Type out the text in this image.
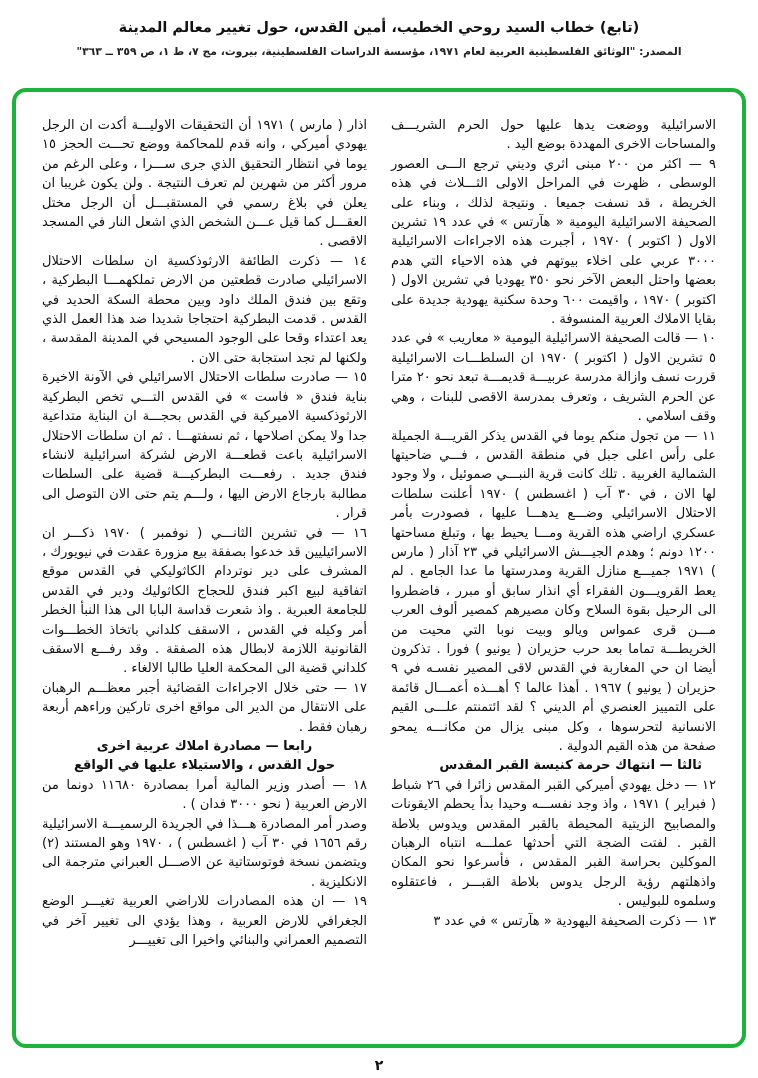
(تابع) خطاب السيد روحي الخطيب، أمين القدس، حول تغيير معالم المدينة
المصدر: "الوثائق الفلسطينية العربية لعام ١٩٧١، مؤسسة الدراسات الفلسطينية، بيروت، مج ٧، ط ١، ص ٣٥٩ ــ ٣٦٣"

الاسرائيلية ووضعت يدها عليها حول الحرم الشريـــف والمساحات الاخرى المهددة بوضع اليد .

٩ — اكثر من ٢٠٠ مبنى اثري وديني ترجع الـــى العصور الوسطى ، ظهرت في المراحل الاولى الثـــلاث في هذه الخريطة ، قد نسفت جميعا . ونتيجة لذلك ، وبناء على الصحيفة الاسرائيلية اليومية « هآرتس » في عدد ١٩ تشرين الاول ( اكتوبر ) ١٩٧٠ ، أجبرت هذه الاجراءات الاسرائيلية ٣٠٠٠ عربي على اخلاء بيوتهم في هذه الاحياء التي هدم بعضها واحتل البعض الآخر نحو ٣٥٠ يهوديا في تشرين الاول ( اكتوبر ) ١٩٧٠ ، واقيمت ٦٠٠ وحدة سكنية يهودية جديدة على بقايا الاملاك العربية المنسوفة .

١٠ — قالت الصحيفة الاسرائيلية اليومية « معاريب » في عدد ٥ تشرين الاول ( اكتوبر ) ١٩٧٠ ان السلطـــات الاسرائيلية قررت نسف وازالة مدرسة عربيـــة قديمـــة تبعد نحو ٢٠ مترا عن الحرم الشريف ، وتعرف بمدرسة الاقصى للبنات ، وهي وقف اسلامي .

١١ — من تجول منكم يوما في القدس يذكر القريـــة الجميلة على رأس اعلى جبل في منطقة القدس ، فـــي ضاحيتها الشمالية الغربية . تلك كانت قرية النبـــي صموئيل ، ولا وجود لها الان ، في ٣٠ آب ( اغسطس ) ١٩٧٠ أعلنت سلطات الاحتلال الاسرائيلي وضـــع يدهـــا عليها ، فصودرت بأمر عسكري اراضي هذه القرية ومـــا يحيط بها ، وتبلغ مساحتها ١٢٠٠ دونم ؛ وهدم الجيـــش الاسرائيلي في ٢٣ آذار ( مارس ) ١٩٧١ جميـــع منازل القرية ومدرستها ما عدا الجامع . لم يعط القرويـــون الفقراء أي انذار سابق أو مبرر ، فاضطروا الى الرحيل بقوة السلاح وكان مصيرهم كمصير ألوف العرب مـــن قرى عمواس ويالو وبيت نوبا التي محيت من الخريطـــة تماما بعد حرب حزيران ( يونيو ) فورا . تذكرون أيضا ان حي المغاربة في القدس لاقى المصير نفسـه في ٩ حزيران ( يونيو ) ١٩٦٧ . أهذا عالما ؟ أهـــذه أعمـــال قائمة على التمييز العنصري أم الديني ؟ لقد ائتمنتم علـــى القيم الانسانية لتحرسوها ، وكل مبنى يزال من مكانـــه يمحو صفحة من هذه القيم الدولية .

ثالثا — انتهاك حرمة كنيسة القبر المقدس

١٢ — دخل يهودي أميركي القبر المقدس زائرا في ٢٦ شباط ( فبراير ) ١٩٧١ ، واذ وجد نفســـه وحيدا بدأ يحطم الايقونات والمصابيح الزيتية المحيطة بالقبر المقدس ويدوس بلاطة القبر . لفتت الضجة التي أحدثها عملـــه انتباه الرهبان الموكلين بحراسة القبر المقدس ، فأسرعوا نحو المكان واذهلتهم رؤية الرجل يدوس بلاطة القبـــر ، فاعتقلوه وسلموه للبوليس .

١٣ — ذكرت الصحيفة اليهودية « هآرتس » في عدد ٣

اذار ( مارس ) ١٩٧١ أن التحقيقات الاوليـــة أكدت ان الرجل يهودي أميركي ، وانه قدم للمحاكمة ووضع تحـــت الحجز ١٥ يوما في انتظار التحقيق الذي جرى ســـرا ، وعلى الرغم من مرور أكثر من شهرين لم تعرف النتيجة . ولن يكون غريبا ان يعلن في بلاغ رسمي في المستقبـــل أن الرجل مختل العقـــل كما قيل عـــن الشخص الذي اشعل النار في المسجد الاقصى .

١٤ — ذكرت الطائفة الارثوذكسية ان سلطات الاحتلال الاسرائيلي صادرت قطعتين من الارض تملكهمـــا البطركية ، وتقع بين فندق الملك داود وبين محطة السكة الحديد في القدس . قدمت البطركية احتجاجا شديدا ضد هذا العمل الذي يعد اعتداء وقحا على الوجود المسيحي في المدينة المقدسة ، ولكنها لم تجد استجابة حتى الان .

١٥ — صادرت سلطات الاحتلال الاسرائيلي في الآونة الاخيرة بناية فندق « فاست » في القدس التـــي تخص البطركية الارثوذكسية الاميركية في القدس بحجـــة ان البناية متداعية جدا ولا يمكن اصلاحها ، ثم نسفتهـــا . ثم ان سلطات الاحتلال الاسرائيلية باعت قطعـــة الارض لشركة اسرائيلية لانشاء فندق جديد . رفعـــت البطركيـــة قضية على السلطات مطالبة بارجاع الارض اليها ، ولـــم يتم حتى الان التوصل الى قرار .

١٦ — في تشرين الثانـــي ( نوفمبر ) ١٩٧٠ ذكـــر ان الاسرائيليين قد خدعوا بصفقة بيع مزورة عقدت في نيويورك ، المشرف على دير نوتردام الكاثوليكي في القدس موقع اتفاقية لبيع اكبر فندق للحجاج الكاثوليك ودير في القدس للجامعة العبرية . واذ شعرت قداسة البابا الى هذا النبأ الخطر أمر وكيله في القدس ، الاسقف كلداني باتخاذ الخطـــوات القانونية اللازمة لابطال هذه الصفقة . وقد رفـــع الاسقف كلداني قضية الى المحكمة العليا طالبا الالغاء .

١٧ — حتى خلال الاجراءات القضائية أجبر معظـــم الرهبان على الانتقال من الدير الى مواقع اخرى تاركين وراءهم أربعة رهبان فقط .

رابعا — مصادرة املاك عربية اخرى

حول القدس ، والاستيلاء عليها في الواقع

١٨ — أصدر وزير المالية أمرا بمصادرة ١١٦٨٠ دونما من الارض العربية ( نحو ٣٠٠٠ فدان ) .

وصدر أمر المصادرة هـــذا في الجريدة الرسميـــة الاسرائيلية رقم ١٦٥٦ في ٣٠ آب ( اغسطس ) ، ١٩٧٠ وهو المستند (٢) ويتضمن نسخة فوتوستاتية عن الاصـــل العبراني مترجمة الى الانكليزية .

١٩ — ان هذه المصادرات للاراضي العربية تغيـــر الوضع الجغرافي للارض العربية ، وهذا يؤدي الى تغيير آخر في التصميم العمراني والبنائي واخيرا الى تغييـــر

٢
